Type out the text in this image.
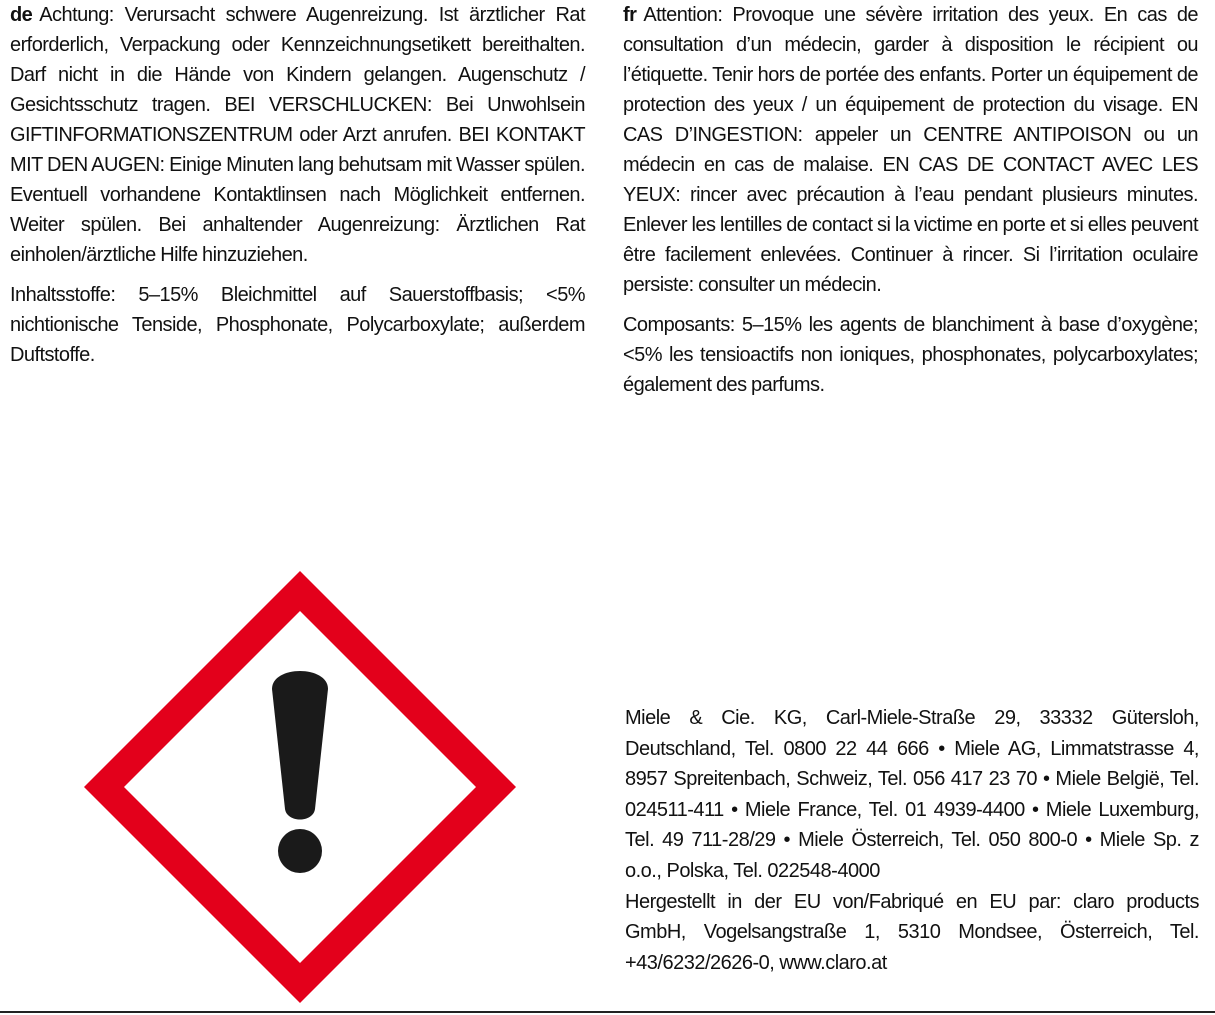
de Achtung: Verursacht schwere Augenreizung. Ist ärztlicher Rat erforderlich, Verpackung oder Kennzeichnungsetikett bereithalten. Darf nicht in die Hände von Kindern gelangen. Augenschutz / Gesichtsschutz tragen. BEI VERSCHLUCKEN: Bei Unwohlsein GIFTINFORMATIONSZENTRUM oder Arzt anrufen. BEI KONTAKT MIT DEN AUGEN: Einige Minuten lang behutsam mit Wasser spülen. Eventuell vorhandene Kontaktlinsen nach Möglichkeit entfernen. Weiter spülen. Bei anhaltender Augenreizung: Ärztlichen Rat einholen/ärztliche Hilfe hinzuziehen.

Inhaltsstoffe: 5–15% Bleichmittel auf Sauerstoffbasis; <5% nichtionische Tenside, Phosphonate, Polycarboxylate; außerdem Duftstoffe.

fr Attention: Provoque une sévère irritation des yeux. En cas de consultation d’un médecin, garder à disposition le récipient ou l’étiquette. Tenir hors de portée des enfants. Porter un équipement de protection des yeux / un équipement de protection du visage. EN CAS D’INGESTION: appeler un CENTRE ANTIPOISON ou un médecin en cas de malaise. EN CAS DE CONTACT AVEC LES YEUX: rincer avec précaution à l’eau pendant plusieurs minutes. Enlever les lentilles de contact si la victime en porte et si elles peuvent être facilement enlevées. Continuer à rincer. Si l’irritation oculaire persiste: consulter un médecin.

Composants: 5–15% les agents de blanchiment à base d’oxygène; <5% les tensioactifs non ioniques, phosphonates, polycarboxylates; également des parfums.

Miele & Cie. KG, Carl-Miele-Straße 29, 33332 Gütersloh, Deutschland, Tel. 0800 22 44 666 • Miele AG, Limmatstrasse 4, 8957 Spreitenbach, Schweiz, Tel. 056 417 23 70 • Miele België, Tel. 024511-411 • Miele France, Tel. 01 4939-4400 • Miele Luxemburg, Tel. 49 711-28/29 • Miele Österreich, Tel. 050 800-0 • Miele Sp. z o.o., Polska, Tel. 022548-4000

Hergestellt in der EU von/Fabriqué en EU par: claro products GmbH, Vogelsangstraße 1, 5310 Mondsee, Österreich, Tel. +43/6232/2626-0, www.claro.at
